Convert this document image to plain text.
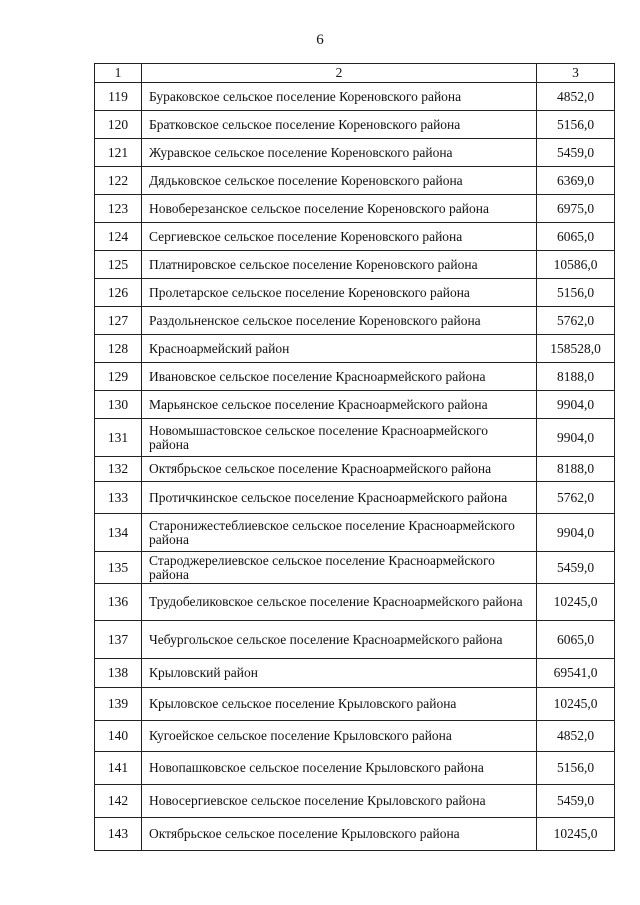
6
1	2	3
119	Бураковское сельское поселение Кореновского района	4852,0
120	Братковское сельское поселение Кореновского района	5156,0
121	Журавское сельское поселение Кореновского района	5459,0
122	Дядьковское сельское поселение Кореновского района	6369,0
123	Новоберезанское сельское поселение Кореновского района	6975,0
124	Сергиевское сельское поселение Кореновского района	6065,0
125	Платнировское сельское поселение Кореновского района	10586,0
126	Пролетарское сельское поселение Кореновского района	5156,0
127	Раздольненское сельское поселение Кореновского района	5762,0
128	Красноармейский район	158528,0
129	Ивановское сельское поселение Красноармейского района	8188,0
130	Марьянское сельское поселение Красноармейского района	9904,0
131	Новомышастовское сельское поселение Красноармейского района	9904,0
132	Октябрьское сельское поселение Красноармейского района	8188,0
133	Протичкинское сельское поселение Красноармейского района	5762,0
134	Старонижестеблиевское сельское поселение Красноармейского района	9904,0
135	Староджерелиевское сельское поселение Красноармейского района	5459,0
136	Трудобеликовское сельское поселение Красноармейского района	10245,0
137	Чебургольское сельское поселение Красноармейского района	6065,0
138	Крыловский район	69541,0
139	Крыловское сельское поселение Крыловского района	10245,0
140	Кугоейское сельское поселение Крыловского района	4852,0
141	Новопашковское сельское поселение Крыловского района	5156,0
142	Новосергиевское сельское поселение Крыловского района	5459,0
143	Октябрьское сельское поселение Крыловского района	10245,0
